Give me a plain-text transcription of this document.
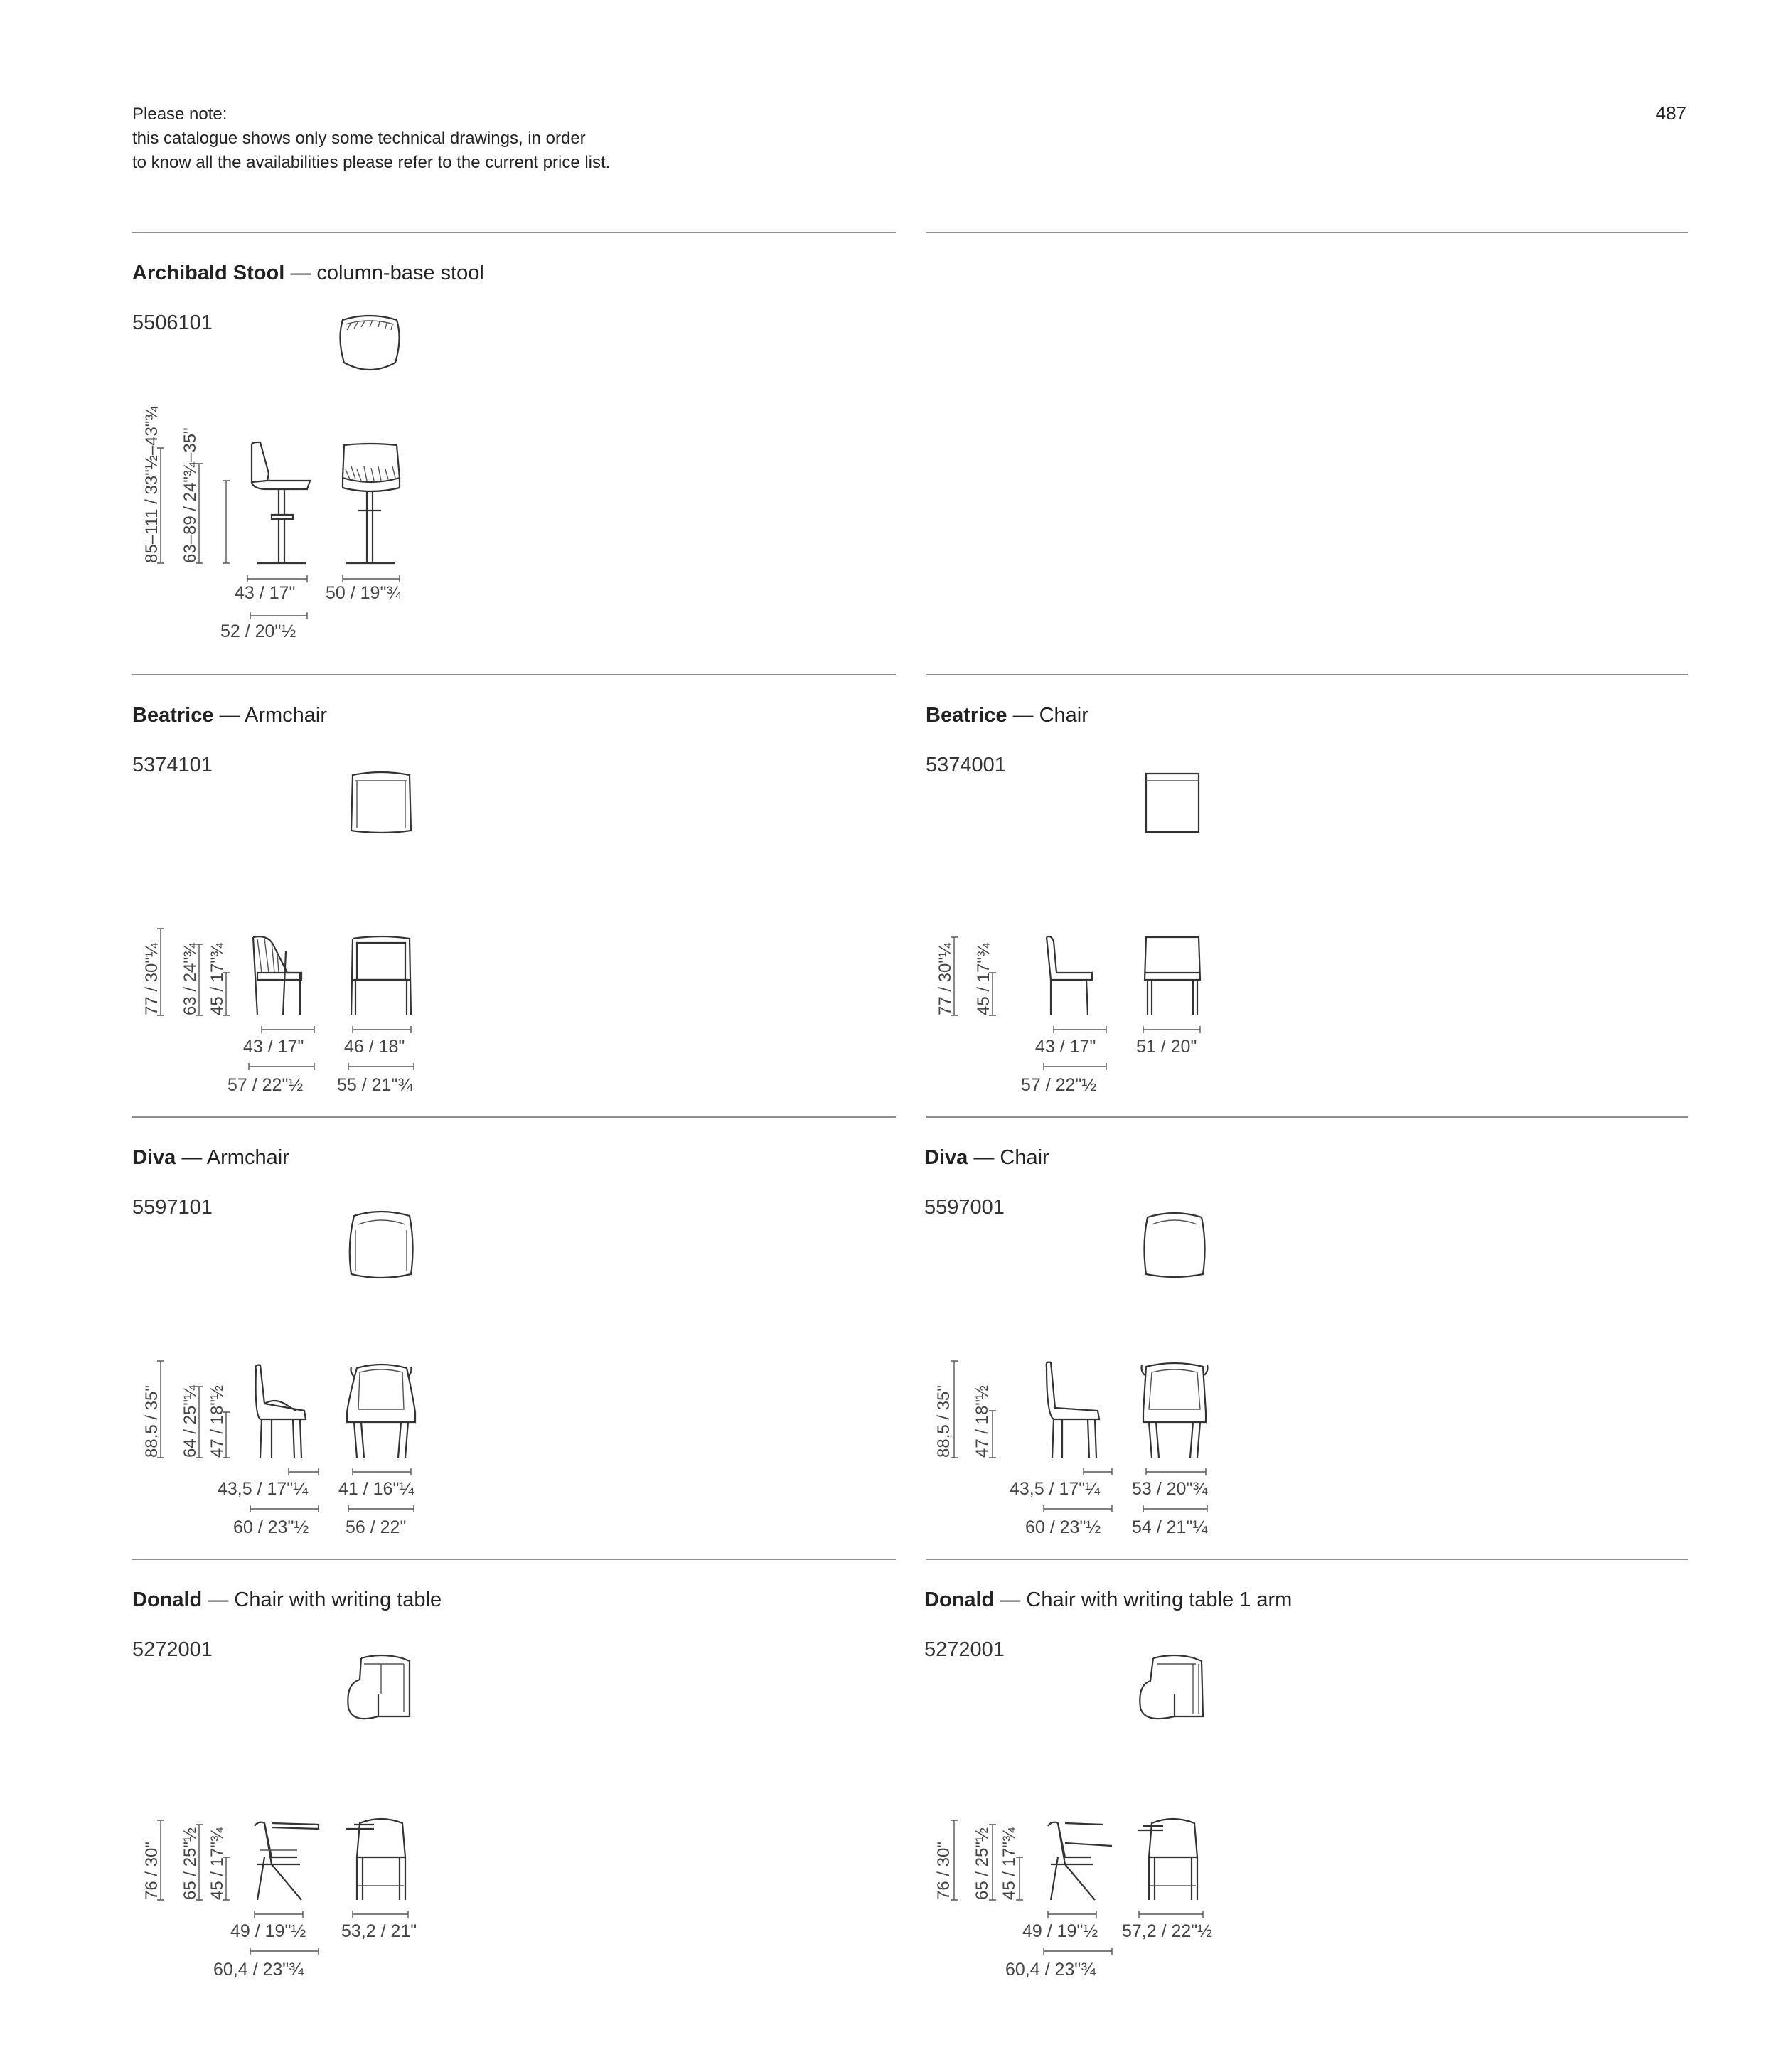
Please note:
this catalogue shows only some technical drawings, in order
to know all the availabilities please refer to the current price list.
487
Archibald Stool — column-base stool
5506101
85–111 / 33"½–43"¾ 63–89 / 24"¾–35"
43 / 17" 50 / 19"¾
52 / 20"½
Beatrice — Armchair
5374101
77 / 30"¼ 63 / 24"¾ 45 / 17"¾
43 / 17" 46 / 18"
57 / 22"½ 55 / 21"¾
Beatrice — Chair
5374001
77 / 30"¼ 45 / 17"¾
43 / 17" 51 / 20"
57 / 22"½
Diva — Armchair
5597101
88,5 / 35" 64 / 25"¼ 47 / 18"½
43,5 / 17"¼ 41 / 16"¼
60 / 23"½ 56 / 22"
Diva — Chair
5597001
88,5 / 35" 47 / 18"½
43,5 / 17"¼ 53 / 20"¾
60 / 23"½ 54 / 21"¼
Donald — Chair with writing table
5272001
76 / 30" 65 / 25"½ 45 / 17"¾
49 / 19"½ 53,2 / 21"
60,4 / 23"¾
Donald — Chair with writing table 1 arm
5272001
76 / 30" 65 / 25"½ 45 / 17"¾
49 / 19"½ 57,2 / 22"½
60,4 / 23"¾
